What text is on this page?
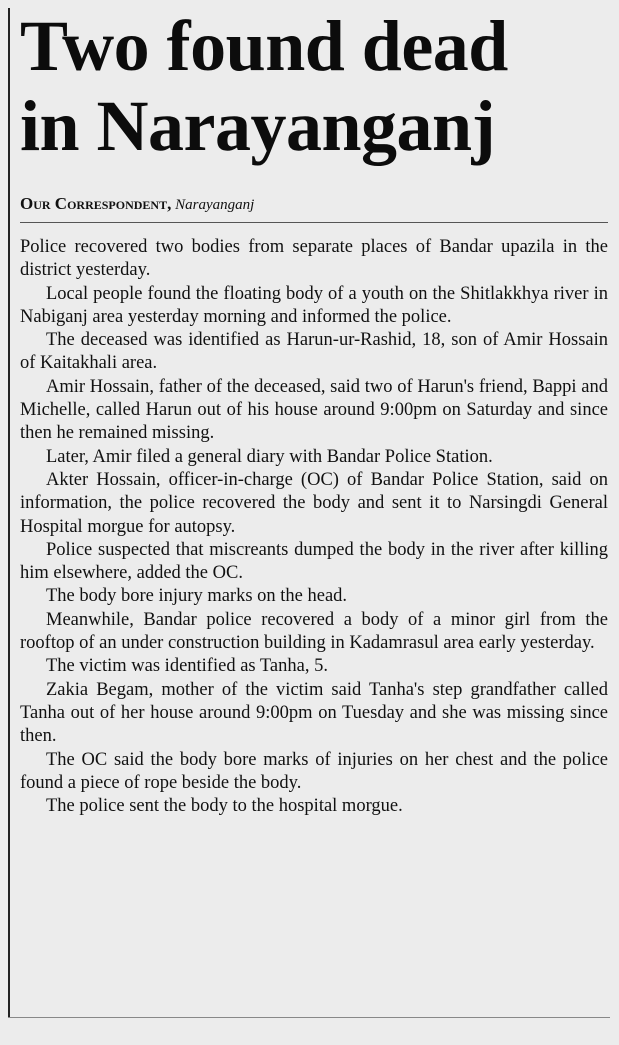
Two found dead
in Narayanganj
Our Correspondent, Narayanganj

Police recovered two bodies from separate places of Bandar upazila in the district yesterday.

Local people found the floating body of a youth on the Shitlakkhya river in Nabiganj area yesterday morning and informed the police.

The deceased was identified as Harun-ur-Rashid, 18, son of Amir Hossain of Kaitakhali area.

Amir Hossain, father of the deceased, said two of Harun's friend, Bappi and Michelle, called Harun out of his house around 9:00pm on Saturday and since then he remained missing.

Later, Amir filed a general diary with Bandar Police Station.

Akter Hossain, officer-in-charge (OC) of Bandar Police Station, said on information, the police recovered the body and sent it to Narsingdi General Hospital morgue for autopsy.

Police suspected that miscreants dumped the body in the river after killing him elsewhere, added the OC.

The body bore injury marks on the head.

Meanwhile, Bandar police recovered a body of a minor girl from the rooftop of an under construction building in Kadamrasul area early yesterday.

The victim was identified as Tanha, 5.

Zakia Begam, mother of the victim said Tanha's step grandfather called Tanha out of her house around 9:00pm on Tuesday and she was missing since then.

The OC said the body bore marks of injuries on her chest and the police found a piece of rope beside the body.

The police sent the body to the hospital morgue.
